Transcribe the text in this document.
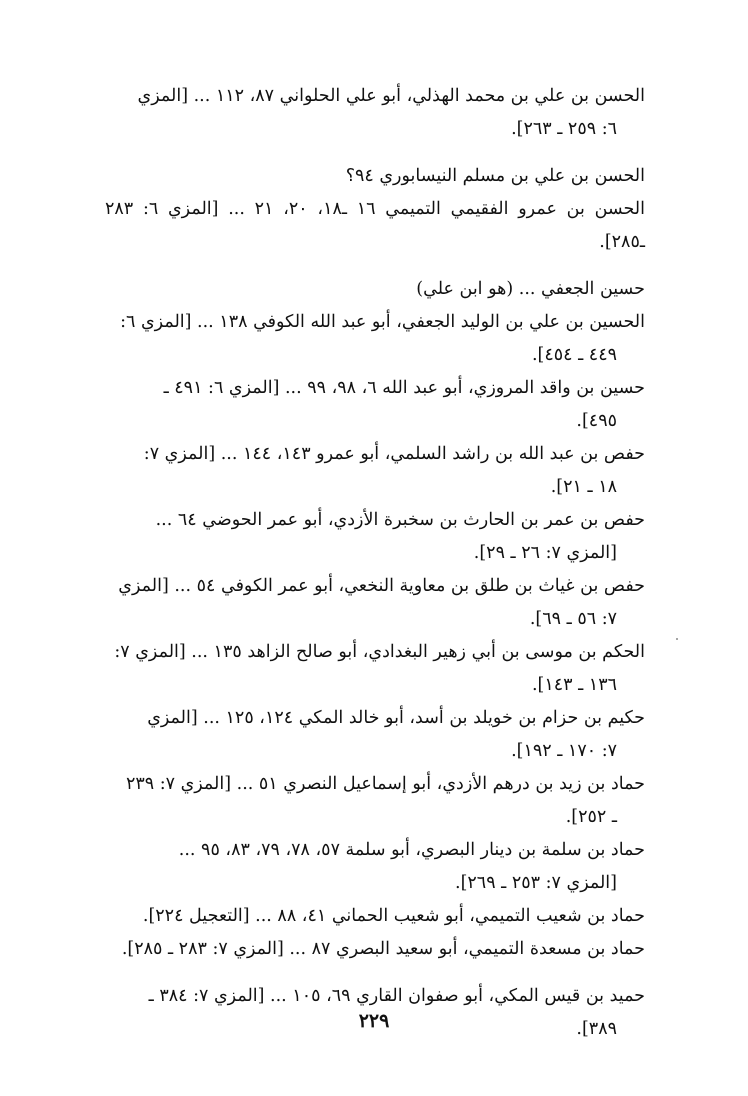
الحسن بن علي بن محمد الهذلي، أبو علي الحلواني ٨٧، ١١٢ ... [المزي
٦: ٢٥٩ ـ ٢٦٣].

الحسن بن علي بن مسلم النيسابوري ٩٤؟

الحسن بن عمرو الفقيمي التميمي ١٦ ـ١٨، ٢٠، ٢١ ... [المزي ٦: ٢٨٣ ـ٢٨٥].

حسين الجعفي ... (هو ابن علي)

الحسين بن علي بن الوليد الجعفي، أبو عبد الله الكوفي ١٣٨ ... [المزي ٦:
٤٤٩ ـ ٤٥٤].

حسين بن واقد المروزي، أبو عبد الله ٦، ٩٨، ٩٩ ... [المزي ٦: ٤٩١ ـ
٤٩٥].

حفص بن عبد الله بن راشد السلمي، أبو عمرو ١٤٣، ١٤٤ ... [المزي ٧:
١٨ ـ ٢١].

حفص بن عمر بن الحارث بن سخبرة الأزدي، أبو عمر الحوضي ٦٤ ...
[المزي ٧: ٢٦ ـ ٢٩].

حفص بن غياث بن طلق بن معاوية النخعي، أبو عمر الكوفي ٥٤ ... [المزي
٧: ٥٦ ـ ٦٩].

الحكم بن موسى بن أبي زهير البغدادي، أبو صالح الزاهد ١٣٥ ... [المزي ٧:
١٣٦ ـ ١٤٣].

حكيم بن حزام بن خويلد بن أسد، أبو خالد المكي ١٢٤، ١٢٥ ... [المزي
٧: ١٧٠ ـ ١٩٢].

حماد بن زيد بن درهم الأزدي، أبو إسماعيل النصري ٥١ ... [المزي ٧: ٢٣٩
ـ ٢٥٢].

حماد بن سلمة بن دينار البصري، أبو سلمة ٥٧، ٧٨، ٧٩، ٨٣، ٩٥ ...
[المزي ٧: ٢٥٣ ـ ٢٦٩].

حماد بن شعيب التميمي، أبو شعيب الحماني ٤١، ٨٨ ... [التعجيل ٢٢٤].

حماد بن مسعدة التميمي، أبو سعيد البصري ٨٧ ... [المزي ٧: ٢٨٣ ـ ٢٨٥].

حميد بن قيس المكي، أبو صفوان القاري ٦٩، ١٠٥ ... [المزي ٧: ٣٨٤ ـ
٣٨٩].

٢٢٩
